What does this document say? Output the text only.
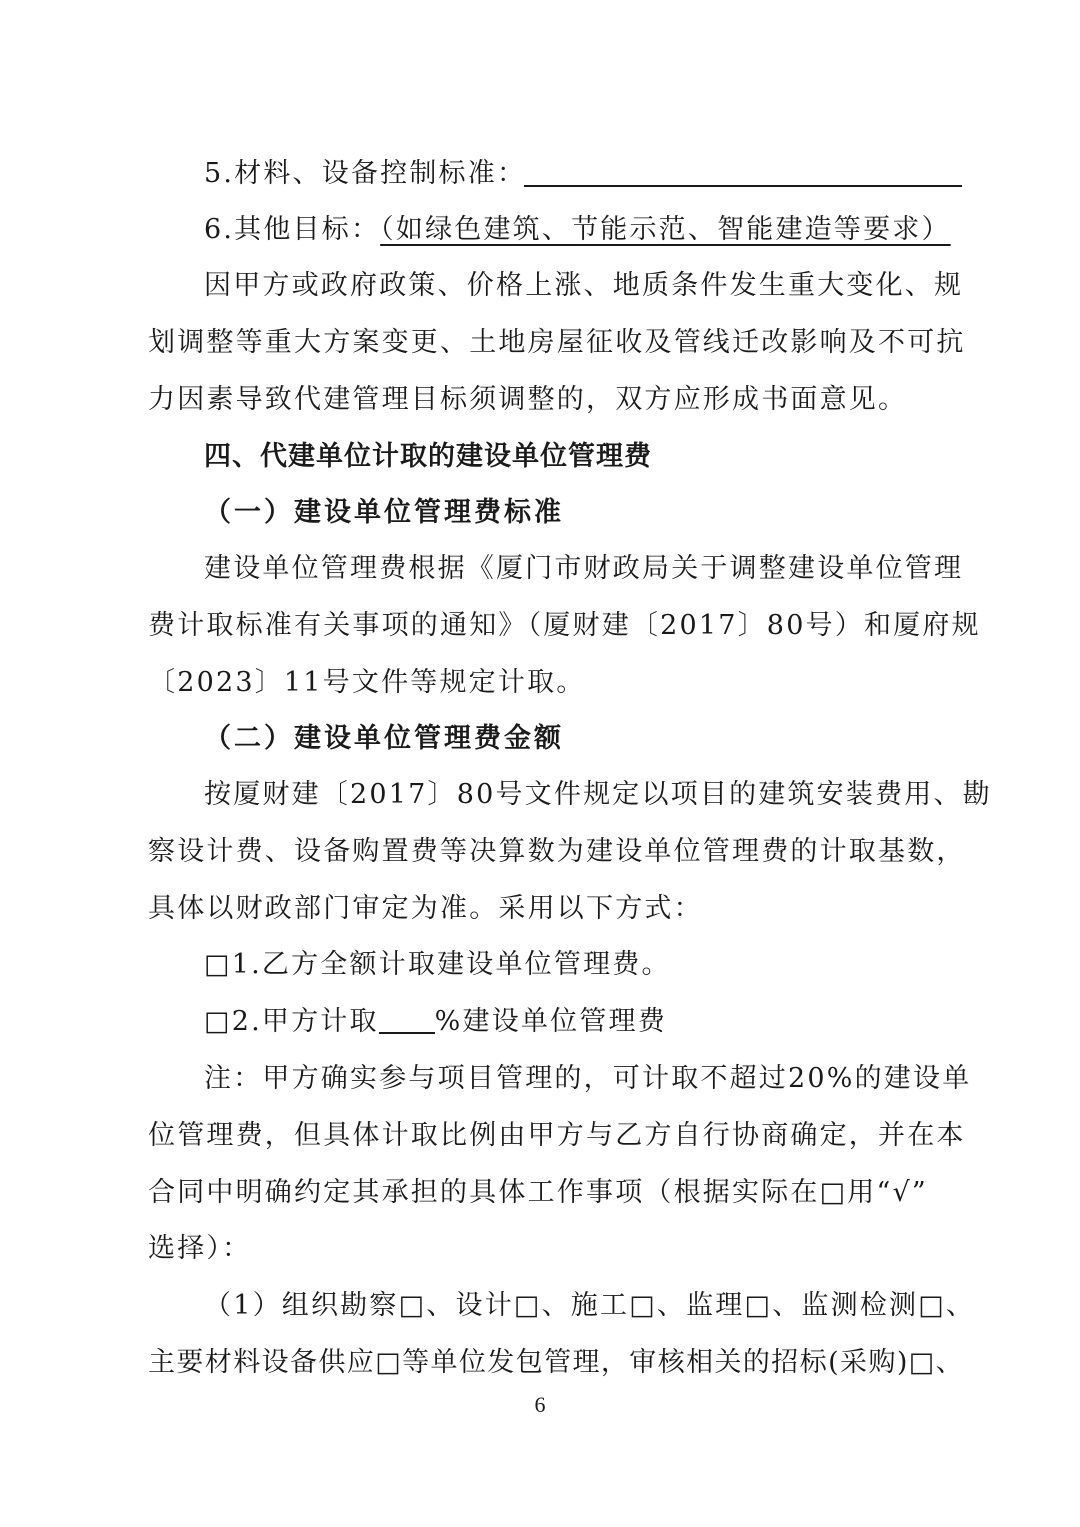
5.材料、设备控制标准：
6.其他目标：（如绿色建筑、节能示范、智能建造等要求）
因甲方或政府政策、价格上涨、地质条件发生重大变化、规
划调整等重大方案变更、土地房屋征收及管线迁改影响及不可抗
力因素导致代建管理目标须调整的，双方应形成书面意见。
四、代建单位计取的建设单位管理费
（一）建设单位管理费标准
建设单位管理费根据《厦门市财政局关于调整建设单位管理
费计取标准有关事项的通知》（厦财建〔2017〕80号）和厦府规
〔2023〕11号文件等规定计取。
（二）建设单位管理费金额
按厦财建〔2017〕80号文件规定以项目的建筑安装费用、勘
察设计费、设备购置费等决算数为建设单位管理费的计取基数，
具体以财政部门审定为准。采用以下方式：
□1.乙方全额计取建设单位管理费。
□2.甲方计取 %建设单位管理费
注：甲方确实参与项目管理的，可计取不超过20%的建设单
位管理费，但具体计取比例由甲方与乙方自行协商确定，并在本
合同中明确约定其承担的具体工作事项（根据实际在□用“√”
选择）：
（1）组织勘察□、设计□、施工□、监理□、监测检测□、
主要材料设备供应□等单位发包管理，审核相关的招标(采购)□、
6
